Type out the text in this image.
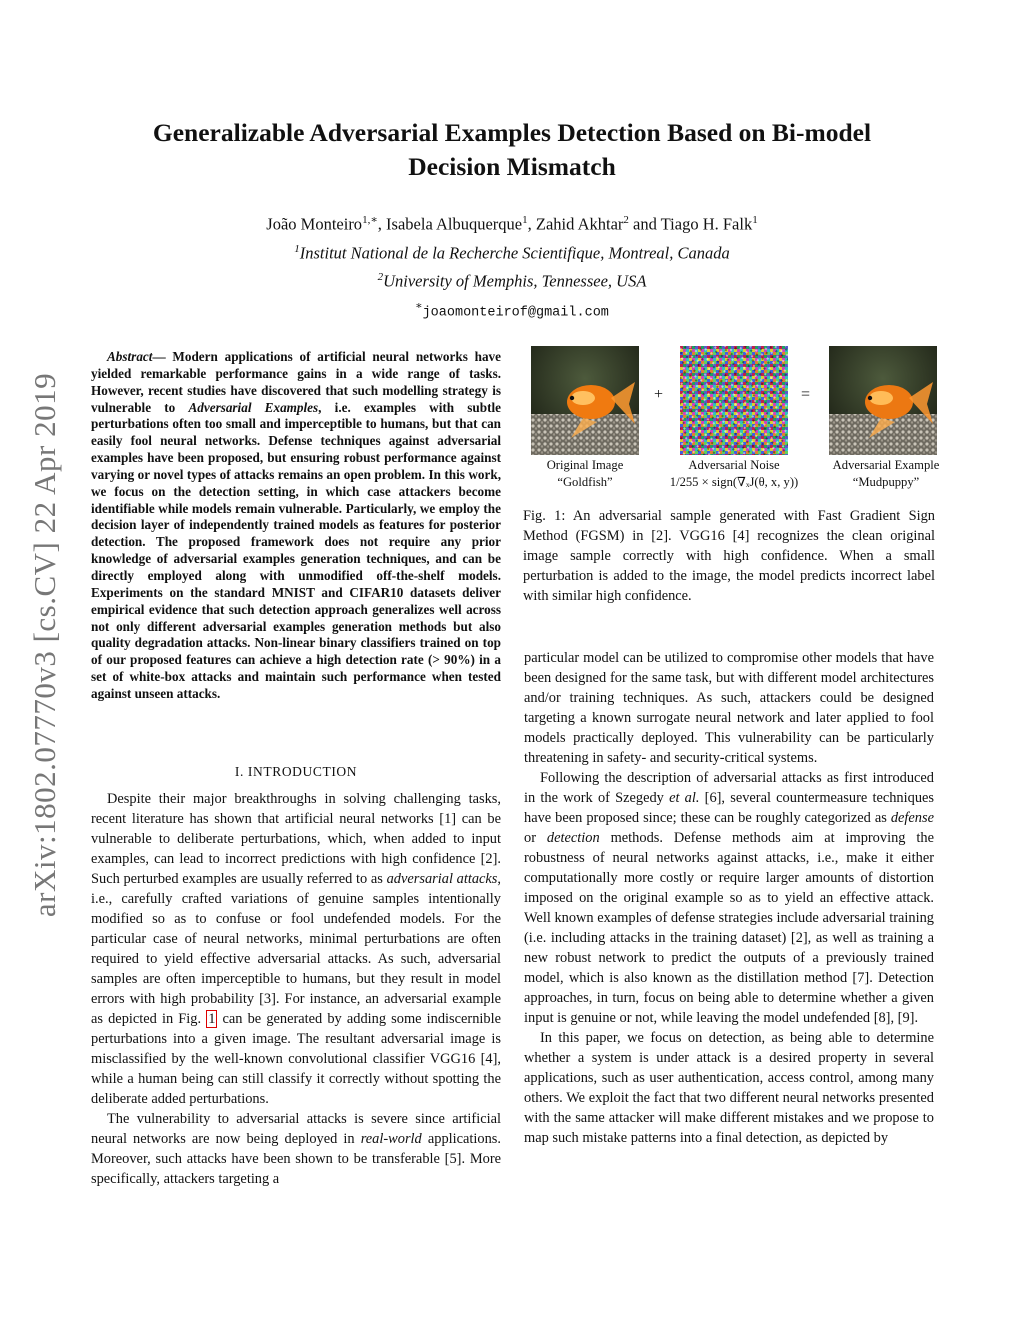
arXiv:1802.07770v3 [cs.CV] 22 Apr 2019
Generalizable Adversarial Examples Detection Based on Bi-model
Decision Mismatch
João Monteiro$^{1,∗}$, Isabela Albuquerque$^1$, Zahid Akhtar$^2$ and Tiago H. Falk$^1$
$^1$Institut National de la Recherche Scientifique, Montreal, Canada
$^2$University of Memphis, Tennessee, USA
∗joaomonteirof@gmail.com
Abstract— Modern applications of artificial neural networks have yielded remarkable performance gains in a wide range of tasks. However, recent studies have discovered that such modelling strategy is vulnerable to Adversarial Examples, i.e. examples with subtle perturbations often too small and imperceptible to humans, but that can easily fool neural networks. Defense techniques against adversarial examples have been proposed, but ensuring robust performance against varying or novel types of attacks remains an open problem. In this work, we focus on the detection setting, in which case attackers become identifiable while models remain vulnerable. Particularly, we employ the decision layer of independently trained models as features for posterior detection. The proposed framework does not require any prior knowledge of adversarial examples generation techniques, and can be directly employed along with unmodified off-the-shelf models. Experiments on the standard MNIST and CIFAR10 datasets deliver empirical evidence that such detection approach generalizes well across not only different adversarial examples generation methods but also quality degradation attacks. Non-linear binary classifiers trained on top of our proposed features can achieve a high detection rate (> 90%) in a set of white-box attacks and maintain such performance when tested against unseen attacks.
I. INTRODUCTION

Despite their major breakthroughs in solving challenging tasks, recent literature has shown that artificial neural networks [1] can be vulnerable to deliberate perturbations, which, when added to input examples, can lead to incorrect predictions with high confidence [2]. Such perturbed examples are usually referred to as adversarial attacks, i.e., carefully crafted variations of genuine samples intentionally modified so as to confuse or fool undefended models. For the particular case of neural networks, minimal perturbations are often required to yield effective adversarial attacks. As such, adversarial samples are often imperceptible to humans, but they result in model errors with high probability [3]. For instance, an adversarial example as depicted in Fig. 1 can be generated by adding some indiscernible perturbations into a given image. The resultant adversarial image is misclassified by the well-known convolutional classifier VGG16 [4], while a human being can still classify it correctly without spotting the deliberate added perturbations.

The vulnerability to adversarial attacks is severe since artificial neural networks are now being deployed in real-world applications. Moreover, such attacks have been shown to be transferable [5]. More specifically, attackers targeting a

+	=
Original Image
“Goldfish”
Adversarial Noise
1/255 × sign(∇ₓJ(θ, x, y))
Adversarial Example
“Mudpuppy”
Fig. 1: An adversarial sample generated with Fast Gradient Sign Method (FGSM) in [2]. VGG16 [4] recognizes the clean original image sample correctly with high confidence. When a small perturbation is added to the image, the model predicts incorrect label with similar high confidence.

particular model can be utilized to compromise other models that have been designed for the same task, but with different model architectures and/or training techniques. As such, attackers could be designed targeting a known surrogate neural network and later applied to fool models practically deployed. This vulnerability can be particularly threatening in safety- and security-critical systems.

Following the description of adversarial attacks as first introduced in the work of Szegedy et al. [6], several countermeasure techniques have been proposed since; these can be roughly categorized as defense or detection methods. Defense methods aim at improving the robustness of neural networks against attacks, i.e., make it either computationally more costly or require larger amounts of distortion imposed on the original example so as to yield an effective attack. Well known examples of defense strategies include adversarial training (i.e. including attacks in the training dataset) [2], as well as training a new robust network to predict the outputs of a previously trained model, which is also known as the distillation method [7]. Detection approaches, in turn, focus on being able to determine whether a given input is genuine or not, while leaving the model undefended [8], [9].

In this paper, we focus on detection, as being able to determine whether a system is under attack is a desired property in several applications, such as user authentication, access control, among many others. We exploit the fact that two different neural networks presented with the same attacker will make different mistakes and we propose to map such mistake patterns into a final detection, as depicted by
